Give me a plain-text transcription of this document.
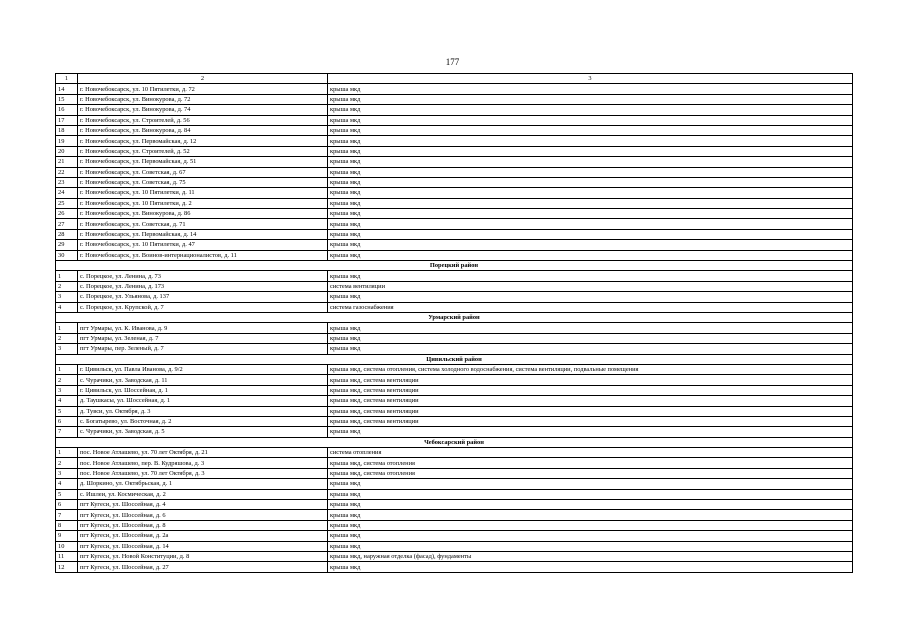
177
1	2	3
14	г. Новочебоксарск, ул. 10 Пятилетки, д. 72	крыша мкд
15	г. Новочебоксарск, ул. Винокурова, д. 72	крыша мкд
16	г. Новочебоксарск, ул. Винокурова, д. 74	крыша мкд
17	г. Новочебоксарск, ул. Строителей, д. 56	крыша мкд
18	г. Новочебоксарск, ул. Винокурова, д. 84	крыша мкд
19	г. Новочебоксарск, ул. Первомайская, д. 12	крыша мкд
20	г. Новочебоксарск, ул. Строителей, д. 52	крыша мкд
21	г. Новочебоксарск, ул. Первомайская, д. 51	крыша мкд
22	г. Новочебоксарск, ул. Советская, д. 67	крыша мкд
23	г. Новочебоксарск, ул. Советская, д. 75	крыша мкд
24	г. Новочебоксарск, ул. 10 Пятилетки, д. 11	крыша мкд
25	г. Новочебоксарск, ул. 10 Пятилетки, д. 2	крыша мкд
26	г. Новочебоксарск, ул. Винокурова, д. 86	крыша мкд
27	г. Новочебоксарск, ул. Советская, д. 71	крыша мкд
28	г. Новочебоксарск, ул. Первомайская, д. 14	крыша мкд
29	г. Новочебоксарск, ул. 10 Пятилетки, д. 47	крыша мкд
30	г. Новочебоксарск, ул. Воинов-интернационалистов, д. 11	крыша мкд
Порецкий район		
1	с. Порецкое, ул. Ленина, д. 73	крыша мкд
2	с. Порецкое, ул. Ленина, д. 173	система вентиляции
3	с. Порецкое, ул. Ульянова, д. 137	крыша мкд
4	с. Порецкое, ул. Крупской, д. 7	система газоснабжения
Урмарский район		
1	пгт Урмары, ул. К. Иванова, д. 9	крыша мкд
2	пгт Урмары, ул. Зеленая, д. 7	крыша мкд
3	пгт Урмары, пер. Зеленый, д. 7	крыша мкд
Цивильский район		
1	г. Цивильск, ул. Павла Иванова, д. 9/2	крыша мкд, система отопления, система холодного водоснабжения, система вентиляции, подвальные помещения
2	с. Чурачики, ул. Заводская, д. 11	крыша мкд, система вентиляции
3	г. Цивильск, ул. Шоссейная, д. 1	крыша мкд, система вентиляции
4	д. Таушкасы, ул. Шоссейная, д. 1	крыша мкд, система вентиляции
5	д. Тувси, ул. Октября, д. 3	крыша мкд, система вентиляции
6	с. Богатырево, ул. Восточная, д. 2	крыша мкд, система вентиляции
7	с. Чурачики, ул. Заводская, д. 5	крыша мкд
Чебоксарский район		
1	пос. Новое Атлашево, ул. 70 лет Октября, д. 21	система отопления
2	пос. Новое Атлашево, пер. В. Кудряшова, д. 3	крыша мкд, система отопления
3	пос. Новое Атлашево, ул. 70 лет Октября, д. 3	крыша мкд, система отопления
4	д. Шоркино, ул. Октябрьская, д. 1	крыша мкд
5	с. Ишлеи, ул. Космическая, д. 2	крыша мкд
6	пгт Кугеси, ул. Шоссейная, д. 4	крыша мкд
7	пгт Кугеси, ул. Шоссейная, д. 6	крыша мкд
8	пгт Кугеси, ул. Шоссейная, д. 8	крыша мкд
9	пгт Кугеси, ул. Шоссейная, д. 2а	крыша мкд
10	пгт Кугеси, ул. Шоссейная, д. 14	крыша мкд
11	пгт Кугеси, ул. Новой Конституции, д. 8	крыша мкд, наружная отделка (фасад), фундаменты
12	пгт Кугеси, ул. Шоссейная, д. 27	крыша мкд
